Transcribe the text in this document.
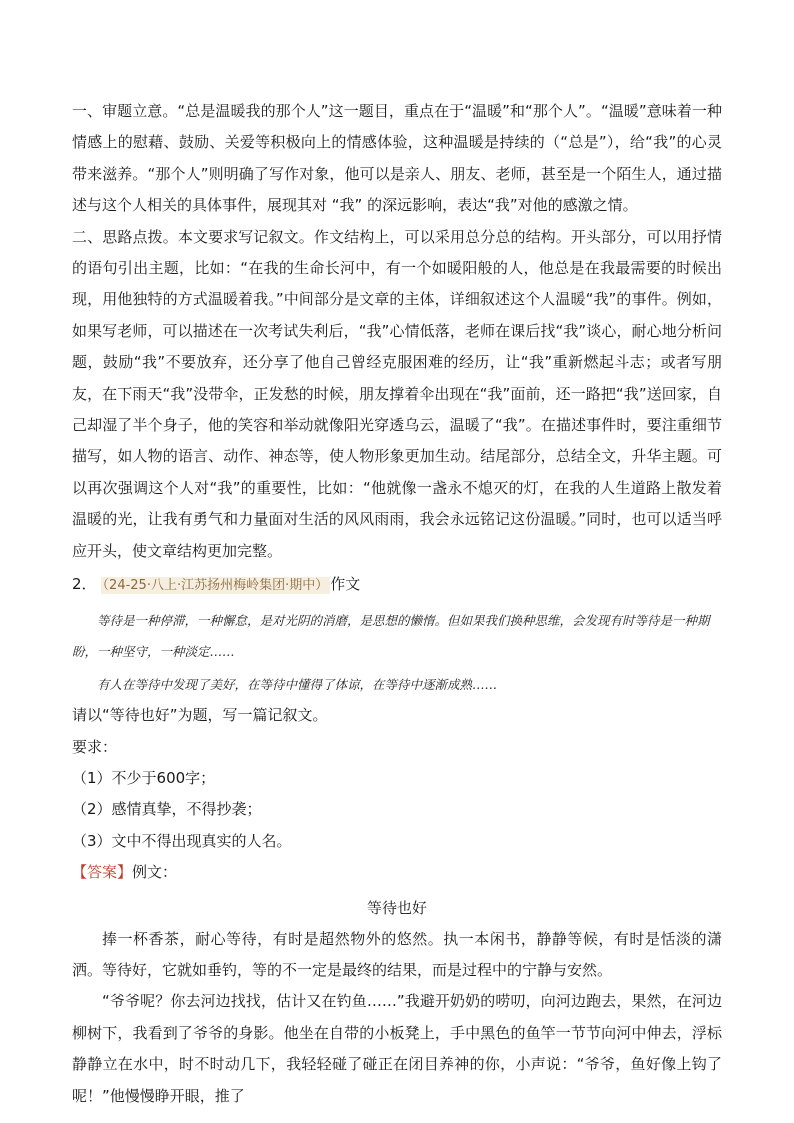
一、审题立意。“总是温暖我的那个人”这一题目，重点在于“温暖”和“那个人”。“温暖”意味着一种情感上的慰藉、鼓励、关爱等积极向上的情感体验，这种温暖是持续的（“总是”），给“我”的心灵带来滋养。“那个人”则明确了写作对象，他可以是亲人、朋友、老师，甚至是一个陌生人，通过描述与这个人相关的具体事件，展现其对 “我” 的深远影响，表达“我”对他的感激之情。

二、思路点拨。本文要求写记叙文。作文结构上，可以采用总分总的结构。开头部分，可以用抒情的语句引出主题，比如：“在我的生命长河中，有一个如暖阳般的人，他总是在我最需要的时候出现，用他独特的方式温暖着我。”中间部分是文章的主体，详细叙述这个人温暖“我”的事件。例如，如果写老师，可以描述在一次考试失利后，“我”心情低落，老师在课后找“我”谈心，耐心地分析问题，鼓励“我”不要放弃，还分享了他自己曾经克服困难的经历，让“我”重新燃起斗志；或者写朋友，在下雨天“我”没带伞，正发愁的时候，朋友撑着伞出现在“我”面前，还一路把“我”送回家，自己却湿了半个身子，他的笑容和举动就像阳光穿透乌云，温暖了“我”。在描述事件时，要注重细节描写，如人物的语言、动作、神态等，使人物形象更加生动。结尾部分，总结全文，升华主题。可以再次强调这个人对“我”的重要性，比如：“他就像一盏永不熄灭的灯，在我的人生道路上散发着温暖的光，让我有勇气和力量面对生活的风风雨雨，我会永远铭记这份温暖。”同时，也可以适当呼应开头，使文章结构更加完整。

2． （24-25·八上·江苏扬州梅岭集团·期中） 作文

等待是一种停滞，一种懈怠，是对光阴的消磨，是思想的懒惰。但如果我们换种思维，会发现有时等待是一种期盼，一种坚守，一种淡定……

有人在等待中发现了美好，在等待中懂得了体谅，在等待中逐渐成熟……

请以“等待也好”为题，写一篇记叙文。

要求：

（1）不少于600字；

（2）感情真挚，不得抄袭；

（3）文中不得出现真实的人名。

【答案】例文：

等待也好

捧一杯香茶，耐心等待，有时是超然物外的悠然。执一本闲书，静静等候，有时是恬淡的潇洒。等待好，它就如垂钓，等的不一定是最终的结果，而是过程中的宁静与安然。

“爷爷呢？你去河边找找，估计又在钓鱼……”我避开奶奶的唠叨，向河边跑去，果然，在河边柳树下，我看到了爷爷的身影。他坐在自带的小板凳上，手中黑色的鱼竿一节节向河中伸去，浮标静静立在水中，时不时动几下，我轻轻碰了碰正在闭目养神的你，小声说：“爷爷，鱼好像上钩了呢！”他慢慢睁开眼，推了
